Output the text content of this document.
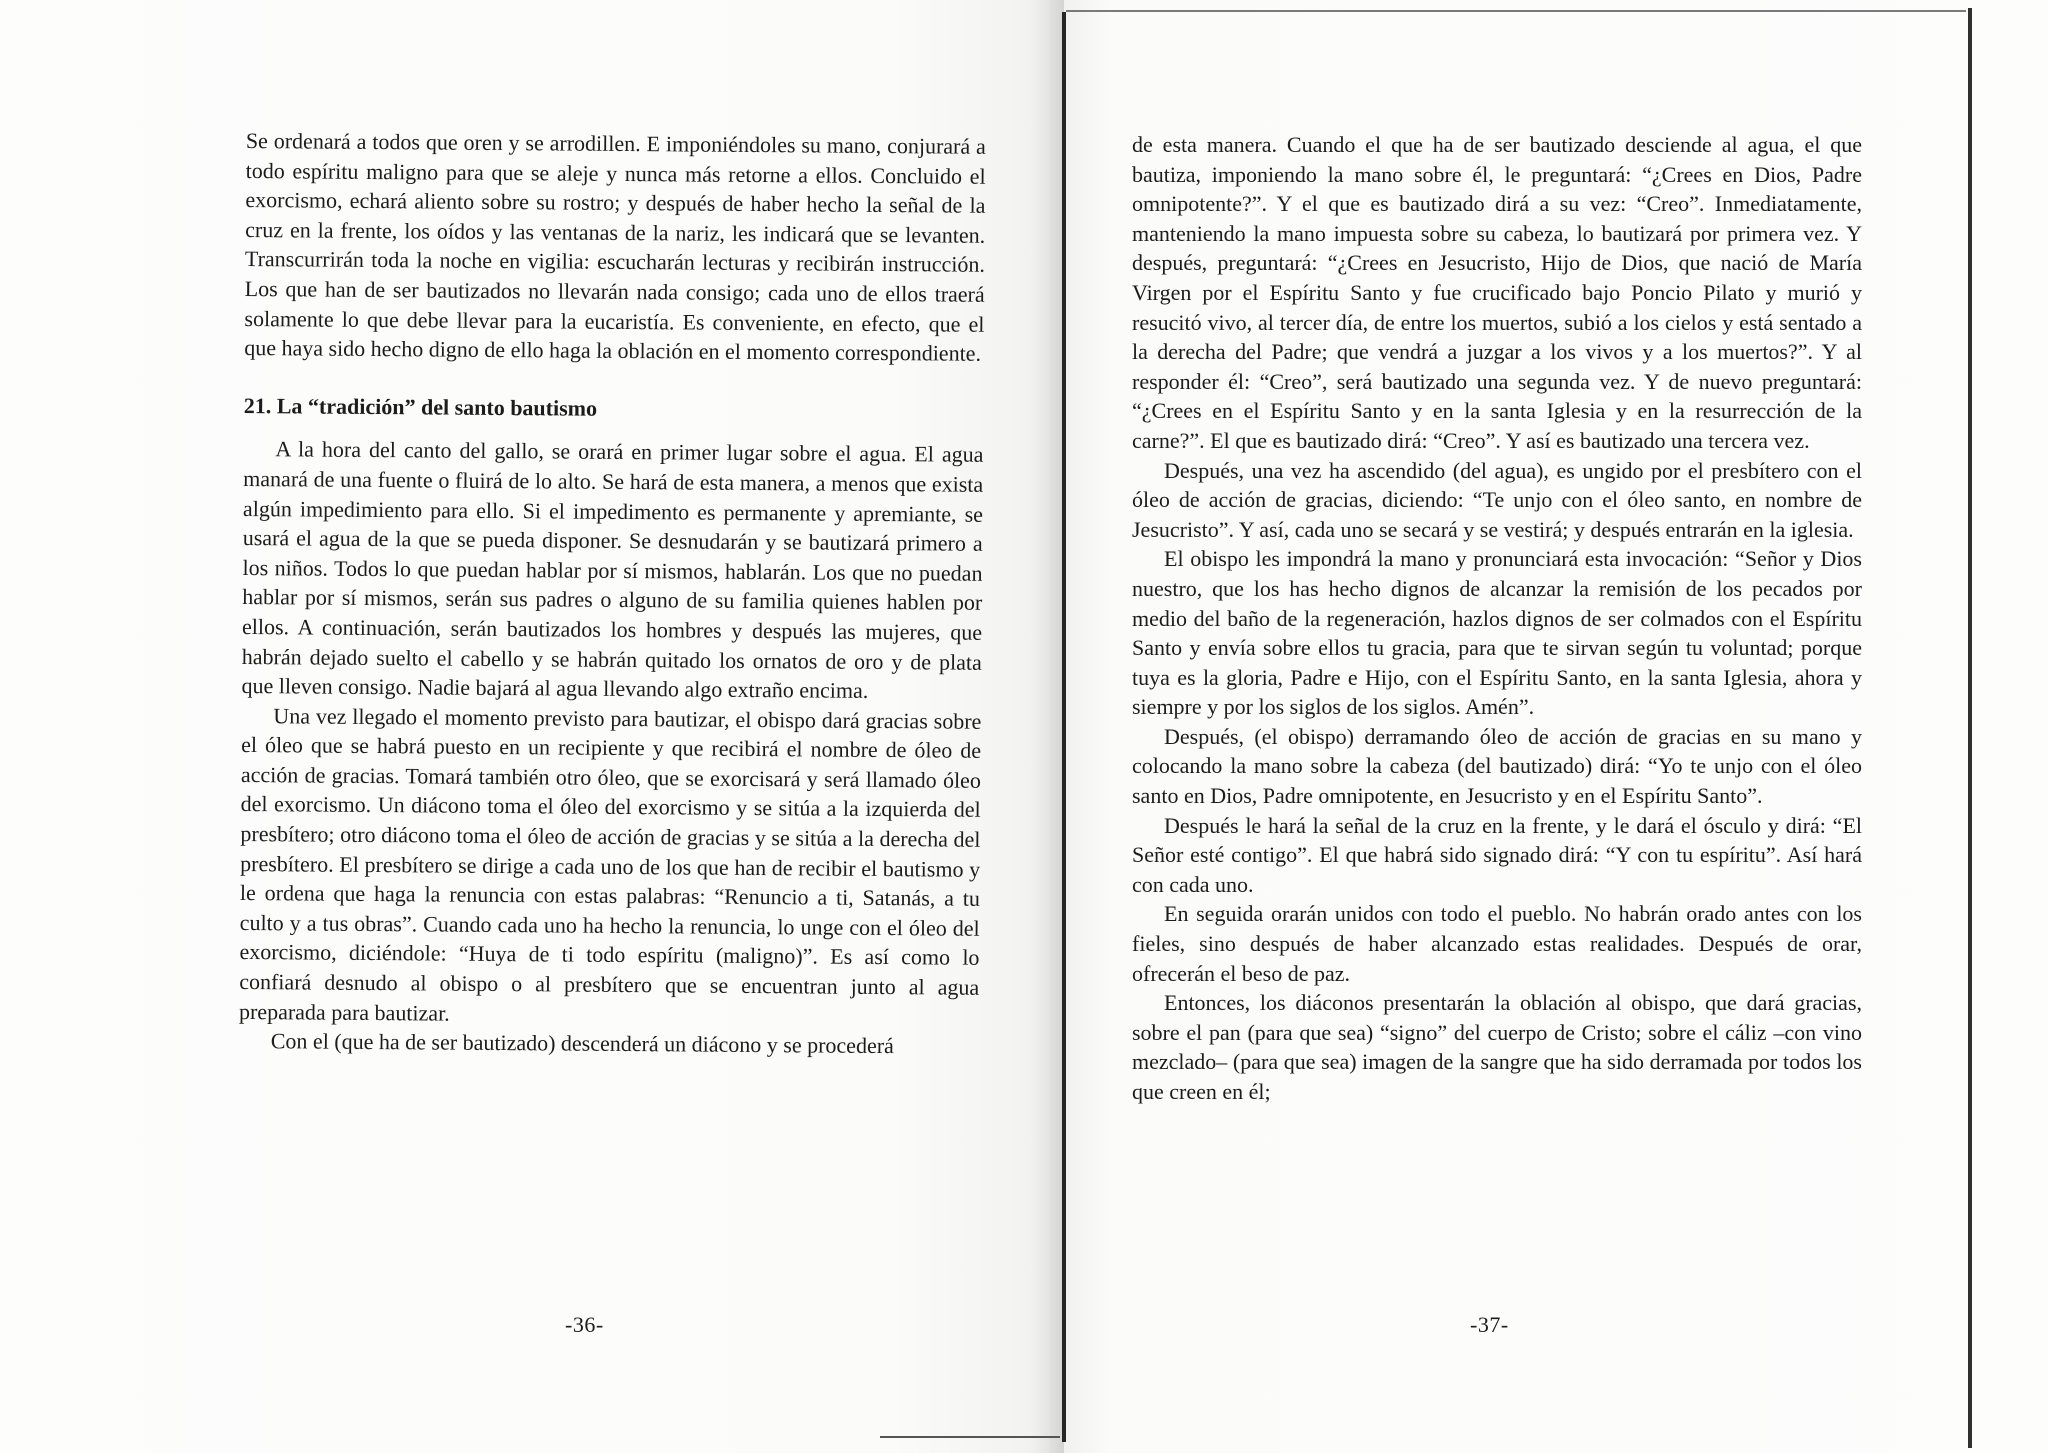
Se ordenará a todos que oren y se arrodillen. E imponiéndoles su mano, conjurará a todo espíritu maligno para que se aleje y nunca más retorne a ellos. Concluido el exorcismo, echará aliento sobre su rostro; y después de haber hecho la señal de la cruz en la frente, los oídos y las ventanas de la nariz, les indicará que se levanten. Transcurrirán toda la noche en vigilia: escucharán lecturas y recibirán instrucción. Los que han de ser bautizados no llevarán nada consigo; cada uno de ellos traerá solamente lo que debe llevar para la eucaristía. Es conveniente, en efecto, que el que haya sido hecho digno de ello haga la oblación en el momento correspondiente.

21. La “tradición” del santo bautismo

A la hora del canto del gallo, se orará en primer lugar sobre el agua. El agua manará de una fuente o fluirá de lo alto. Se hará de esta manera, a menos que exista algún impedimiento para ello. Si el impedimento es permanente y apremiante, se usará el agua de la que se pueda disponer. Se desnudarán y se bautizará primero a los niños. Todos lo que puedan hablar por sí mismos, hablarán. Los que no puedan hablar por sí mismos, serán sus padres o alguno de su familia quienes hablen por ellos. A continuación, serán bautizados los hombres y después las mujeres, que habrán dejado suelto el cabello y se habrán quitado los ornatos de oro y de plata que lleven consigo. Nadie bajará al agua llevando algo extraño encima.

Una vez llegado el momento previsto para bautizar, el obispo dará gracias sobre el óleo que se habrá puesto en un recipiente y que recibirá el nombre de óleo de acción de gracias. Tomará también otro óleo, que se exorcisará y será llamado óleo del exorcismo. Un diácono toma el óleo del exorcismo y se sitúa a la izquierda del presbítero; otro diácono toma el óleo de acción de gracias y se sitúa a la derecha del presbítero. El presbítero se dirige a cada uno de los que han de recibir el bautismo y le ordena que haga la renuncia con estas palabras: “Renuncio a ti, Satanás, a tu culto y a tus obras”. Cuando cada uno ha hecho la renuncia, lo unge con el óleo del exorcismo, diciéndole: “Huya de ti todo espíritu (maligno)”. Es así como lo confiará desnudo al obispo o al presbítero que se encuentran junto al agua preparada para bautizar.

Con el (que ha de ser bautizado) descenderá un diácono y se procederá

-36-

de esta manera. Cuando el que ha de ser bautizado desciende al agua, el que bautiza, imponiendo la mano sobre él, le preguntará: “¿Crees en Dios, Padre omnipotente?”. Y el que es bautizado dirá a su vez: “Creo”. Inmediatamente, manteniendo la mano impuesta sobre su cabeza, lo bautizará por primera vez. Y después, preguntará: “¿Crees en Jesucristo, Hijo de Dios, que nació de María Virgen por el Espíritu Santo y fue crucificado bajo Poncio Pilato y murió y resucitó vivo, al tercer día, de entre los muertos, subió a los cielos y está sentado a la derecha del Padre; que vendrá a juzgar a los vivos y a los muertos?”. Y al responder él: “Creo”, será bautizado una segunda vez. Y de nuevo preguntará: “¿Crees en el Espíritu Santo y en la santa Iglesia y en la resurrección de la carne?”. El que es bautizado dirá: “Creo”. Y así es bautizado una tercera vez.

Después, una vez ha ascendido (del agua), es ungido por el presbítero con el óleo de acción de gracias, diciendo: “Te unjo con el óleo santo, en nombre de Jesucristo”. Y así, cada uno se secará y se vestirá; y después entrarán en la iglesia.

El obispo les impondrá la mano y pronunciará esta invocación: “Señor y Dios nuestro, que los has hecho dignos de alcanzar la remisión de los pecados por medio del baño de la regeneración, hazlos dignos de ser colmados con el Espíritu Santo y envía sobre ellos tu gracia, para que te sirvan según tu voluntad; porque tuya es la gloria, Padre e Hijo, con el Espíritu Santo, en la santa Iglesia, ahora y siempre y por los siglos de los siglos. Amén”.

Después, (el obispo) derramando óleo de acción de gracias en su mano y colocando la mano sobre la cabeza (del bautizado) dirá: “Yo te unjo con el óleo santo en Dios, Padre omnipotente, en Jesucristo y en el Espíritu Santo”.

Después le hará la señal de la cruz en la frente, y le dará el ósculo y dirá: “El Señor esté contigo”. El que habrá sido signado dirá: “Y con tu espíritu”. Así hará con cada uno.

En seguida orarán unidos con todo el pueblo. No habrán orado antes con los fieles, sino después de haber alcanzado estas realidades. Después de orar, ofrecerán el beso de paz.

Entonces, los diáconos presentarán la oblación al obispo, que dará gracias, sobre el pan (para que sea) “signo” del cuerpo de Cristo; sobre el cáliz –con vino mezclado– (para que sea) imagen de la sangre que ha sido derramada por todos los que creen en él;

-37-
